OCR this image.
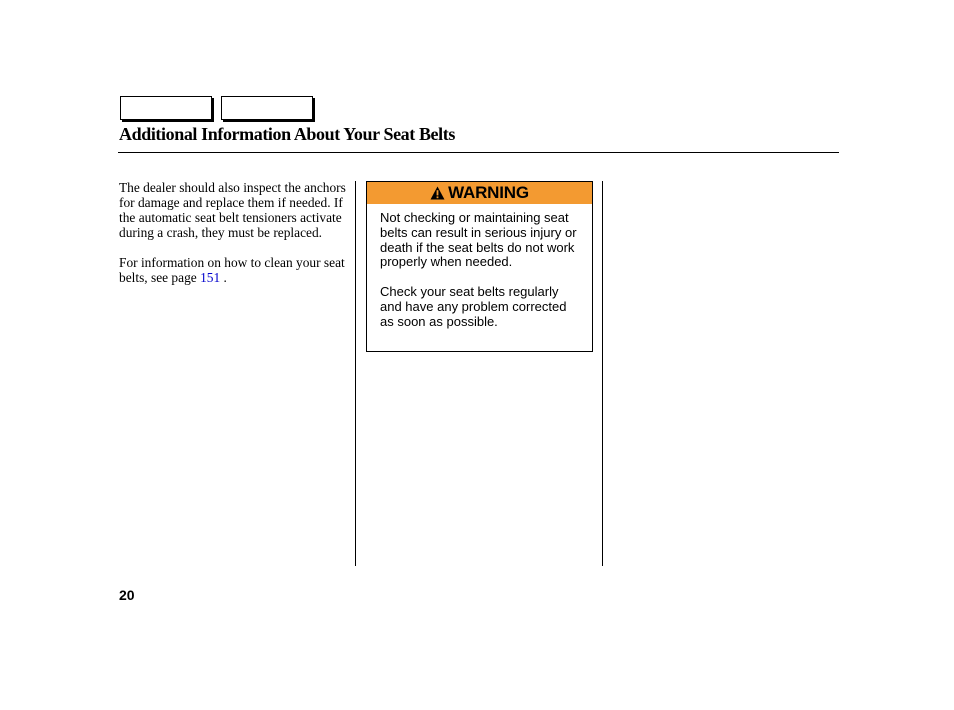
Additional Information About Your Seat Belts

The dealer should also inspect the anchors for damage and replace them if needed. If the automatic seat belt tensioners activate during a crash, they must be replaced.

For information on how to clean your seat belts, see page 151 .

WARNING

Not checking or maintaining seat belts can result in serious injury or death if the seat belts do not work properly when needed.

Check your seat belts regularly and have any problem corrected as soon as possible.

20
